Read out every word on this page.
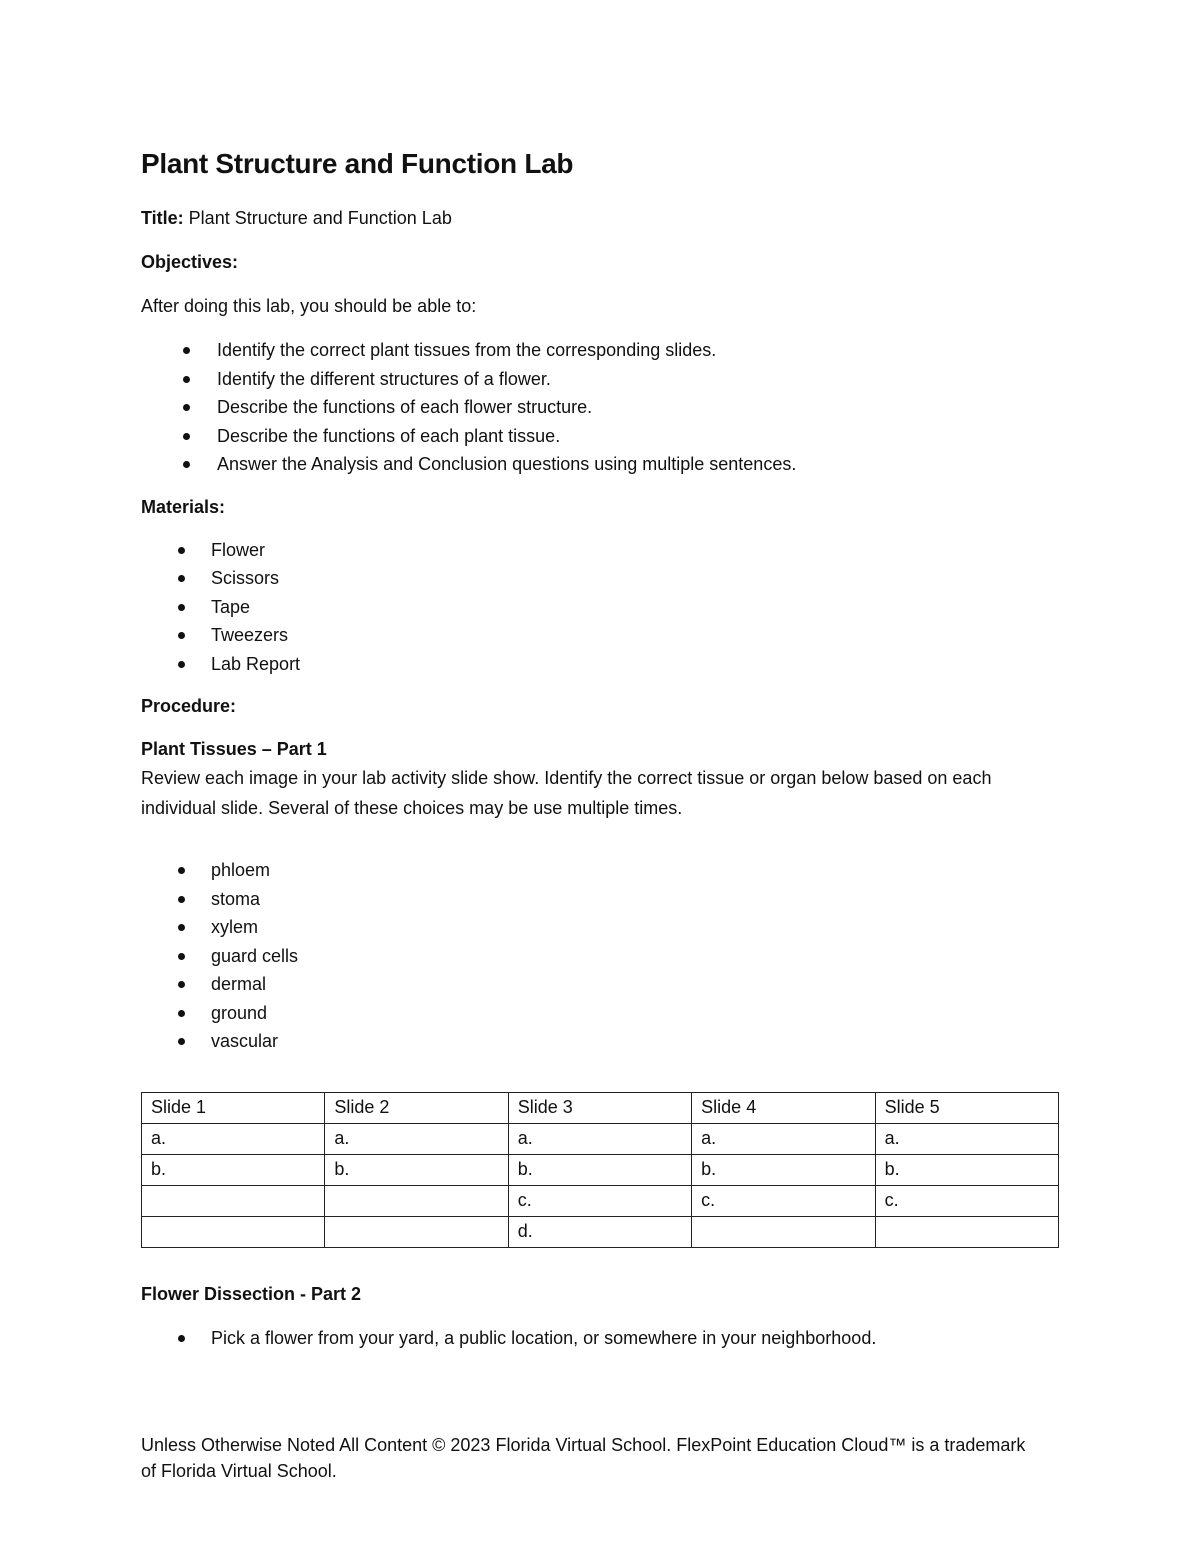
Plant Structure and Function Lab
Title: Plant Structure and Function Lab
Objectives:
After doing this lab, you should be able to:
Identify the correct plant tissues from the corresponding slides.
Identify the different structures of a flower.
Describe the functions of each flower structure.
Describe the functions of each plant tissue.
Answer the Analysis and Conclusion questions using multiple sentences.
Materials:
Flower
Scissors
Tape
Tweezers
Lab Report
Procedure:
Plant Tissues – Part 1
Review each image in your lab activity slide show. Identify the correct tissue or organ below based on each individual slide. Several of these choices may be use multiple times.
phloem
stoma
xylem
guard cells
dermal
ground
vascular
Slide 1	Slide 2	Slide 3	Slide 4	Slide 5
a.	a.	a.	a.	a.
b.	b.	b.	b.	b.
		c.	c.	c.
		d.		
Flower Dissection - Part 2
Pick a flower from your yard, a public location, or somewhere in your neighborhood.
Unless Otherwise Noted All Content © 2023 Florida Virtual School. FlexPoint Education Cloud™ is a trademark of Florida Virtual School.
